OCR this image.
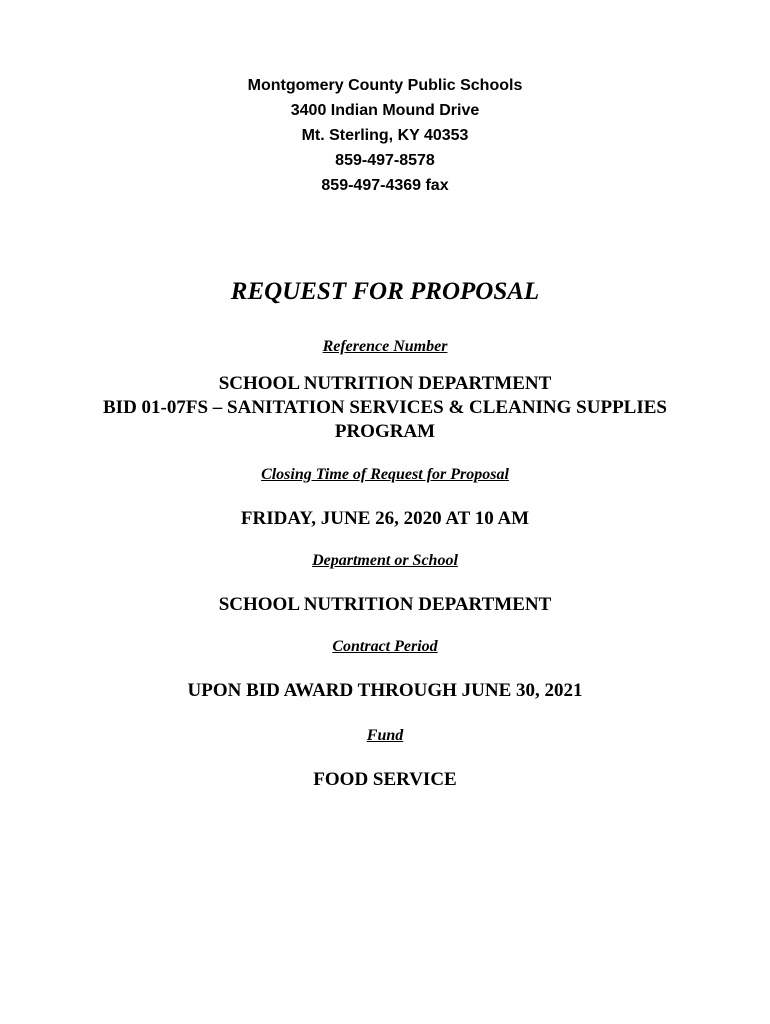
Montgomery County Public Schools
3400 Indian Mound Drive
Mt. Sterling, KY 40353
859-497-8578
859-497-4369 fax
REQUEST FOR PROPOSAL
Reference Number
SCHOOL NUTRITION DEPARTMENT
BID 01-07FS – SANITATION SERVICES & CLEANING SUPPLIES
PROGRAM
Closing Time of Request for Proposal
FRIDAY, JUNE 26, 2020 AT 10 AM
Department or School
SCHOOL NUTRITION DEPARTMENT
Contract Period
UPON BID AWARD THROUGH JUNE 30, 2021
Fund
FOOD SERVICE
